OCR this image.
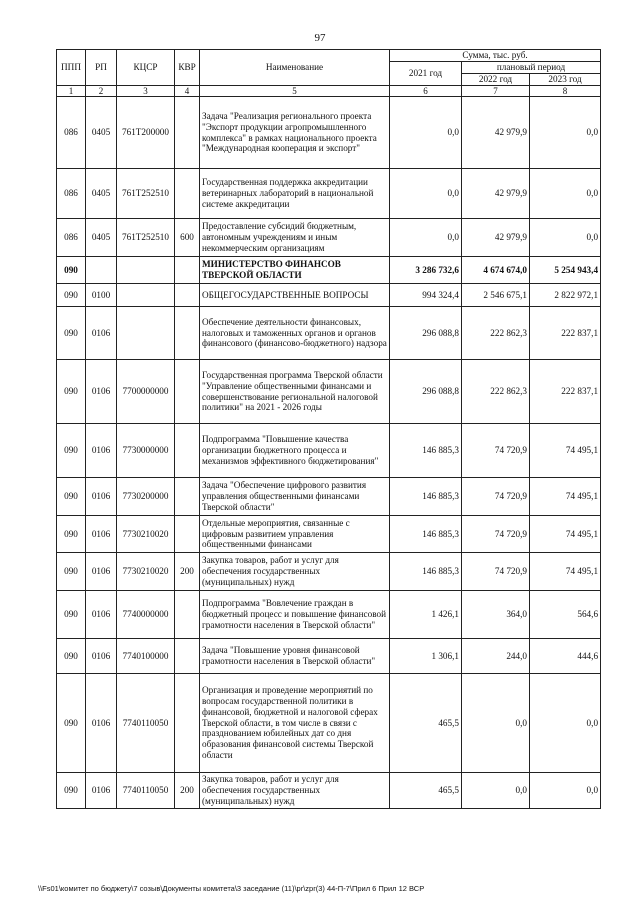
97
ППП	РП	КЦСР	КВР	Наименование	Сумма, тыс. руб.		
					2021 год	плановый период	
						2022 год	2023 год
1	2	3	4	5	6	7	8
086	0405	761Т200000		Задача "Реализация регионального проекта "Экспорт продукции агропромышленного комплекса" в рамках национального проекта "Международная кооперация и экспорт"	0,0	42 979,9	0,0
086	0405	761Т252510		Государственная поддержка аккредитации ветеринарных лабораторий в национальной системе аккредитации	0,0	42 979,9	0,0
086	0405	761Т252510	600	Предоставление субсидий бюджетным, автономным учреждениям и иным некоммерческим организациям	0,0	42 979,9	0,0
090				МИНИСТЕРСТВО ФИНАНСОВ ТВЕРСКОЙ ОБЛАСТИ	3 286 732,6	4 674 674,0	5 254 943,4
090	0100			ОБЩЕГОСУДАРСТВЕННЫЕ ВОПРОСЫ	994 324,4	2 546 675,1	2 822 972,1
090	0106			Обеспечение деятельности финансовых, налоговых и таможенных органов и органов финансового (финансово-бюджетного) надзора	296 088,8	222 862,3	222 837,1
090	0106	7700000000		Государственная программа Тверской области "Управление общественными финансами и совершенствование региональной налоговой политики" на 2021 - 2026 годы	296 088,8	222 862,3	222 837,1
090	0106	7730000000		Подпрограмма "Повышение качества организации бюджетного процесса и механизмов эффективного бюджетирования"	146 885,3	74 720,9	74 495,1
090	0106	7730200000		Задача "Обеспечение цифрового развития управления общественными финансами Тверской области"	146 885,3	74 720,9	74 495,1
090	0106	7730210020		Отдельные мероприятия, связанные с цифровым развитием управления общественными финансами	146 885,3	74 720,9	74 495,1
090	0106	7730210020	200	Закупка товаров, работ и услуг для обеспечения государственных (муниципальных) нужд	146 885,3	74 720,9	74 495,1
090	0106	7740000000		Подпрограмма "Вовлечение граждан в бюджетный процесс и повышение финансовой грамотности населения в Тверской области"	1 426,1	364,0	564,6
090	0106	7740100000		Задача "Повышение уровня финансовой грамотности населения в Тверской области"	1 306,1	244,0	444,6
090	0106	7740110050		Организация и проведение мероприятий по вопросам государственной политики в финансовой, бюджетной и налоговой сферах Тверской области, в том числе в связи с празднованием юбилейных дат со дня образования финансовой системы Тверской области	465,5	0,0	0,0
090	0106	7740110050	200	Закупка товаров, работ и услуг для обеспечения государственных (муниципальных) нужд	465,5	0,0	0,0
\\Fs01\комитет по бюджету\7 созыв\Документы комитета\3 заседание (11)\pr\zpr(3) 44-П-7\Прил 6 Прил 12 ВСР
